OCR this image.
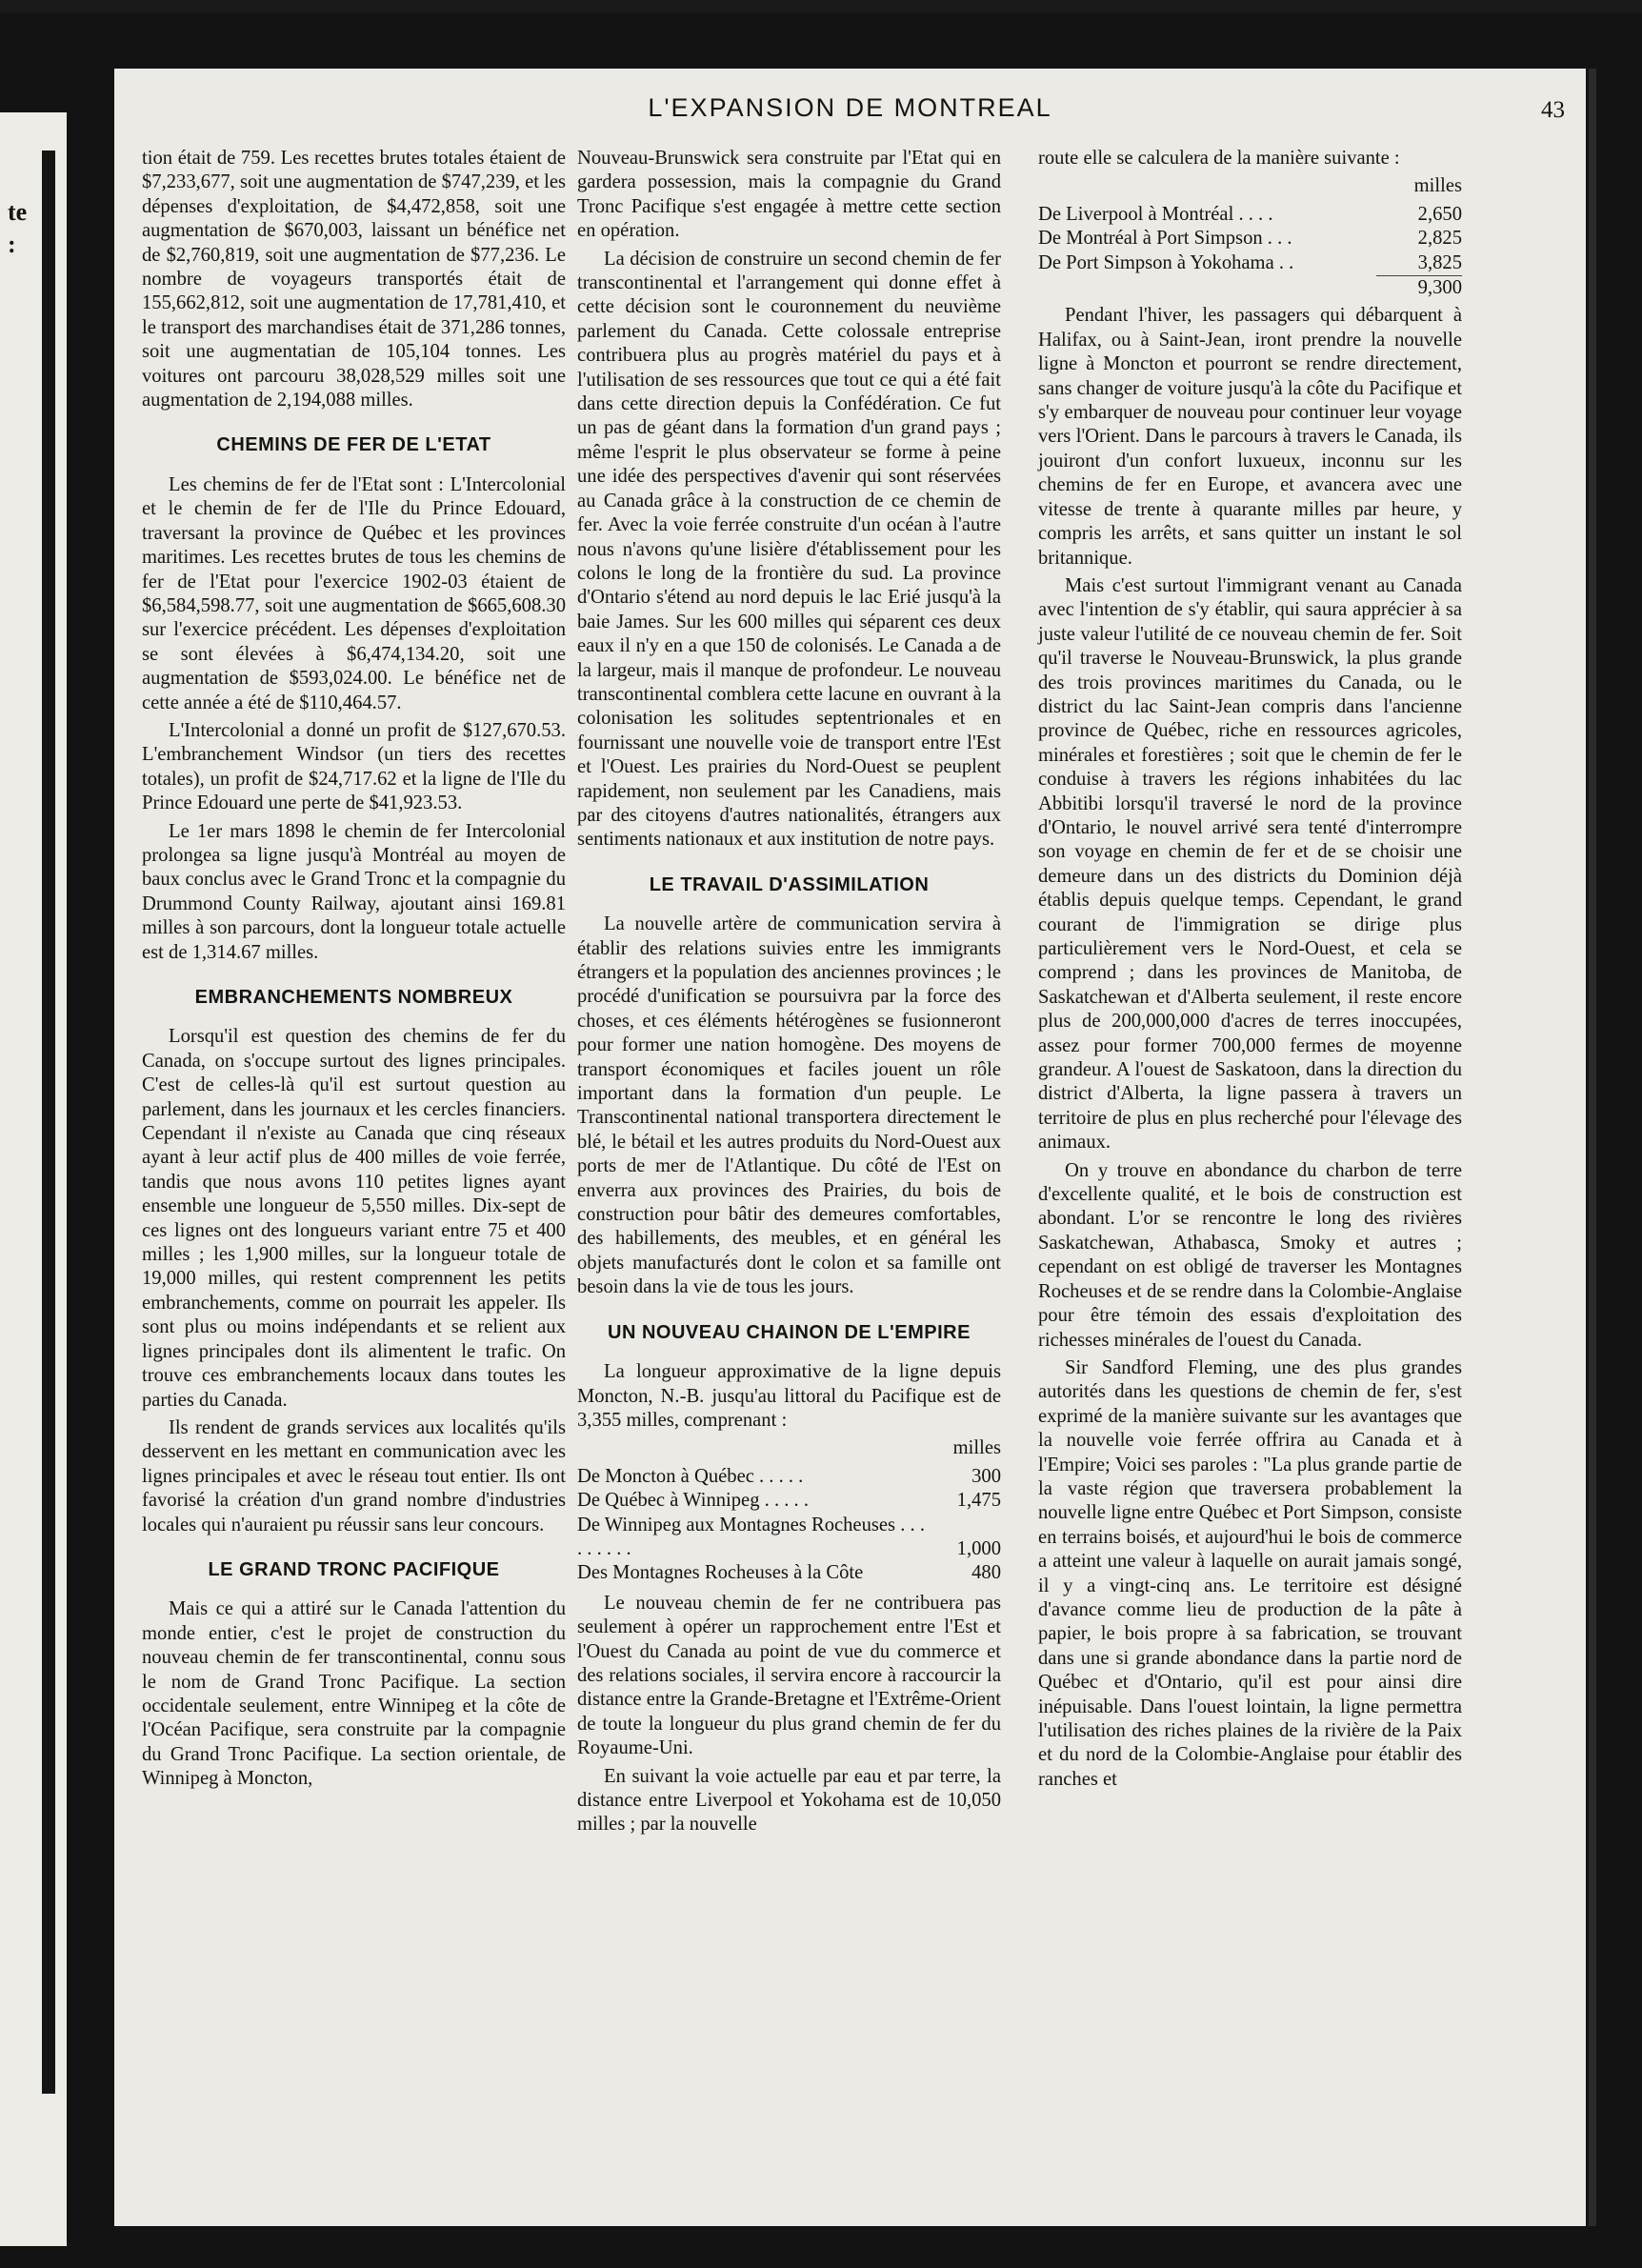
te
:
L'EXPANSION DE MONTREAL	43

tion était de 759. Les recettes brutes totales étaient de $7,233,677, soit une augmentation de $747,239, et les dépenses d'exploitation, de $4,472,858, soit une augmentation de $670,003, laissant un bénéfice net de $2,760,819, soit une augmentation de $77,236. Le nombre de voyageurs transportés était de 155,662,812, soit une augmentation de 17,781,410, et le transport des marchandises était de 371,286 tonnes, soit une augmentatian de 105,104 tonnes. Les voitures ont parcouru 38,028,529 milles soit une augmentation de 2,194,088 milles.

CHEMINS DE FER DE L'ETAT

Les chemins de fer de l'Etat sont : L'Intercolonial et le chemin de fer de l'Ile du Prince Edouard, traversant la province de Québec et les provinces maritimes. Les recettes brutes de tous les chemins de fer de l'Etat pour l'exercice 1902-03 étaient de $6,584,598.77, soit une augmentation de $665,608.30 sur l'exercice précédent. Les dépenses d'exploitation se sont élevées à $6,474,134.20, soit une augmentation de $593,024.00. Le bénéfice net de cette année a été de $110,464.57.

L'Intercolonial a donné un profit de $127,670.53. L'embranchement Windsor (un tiers des recettes totales), un profit de $24,717.62 et la ligne de l'Ile du Prince Edouard une perte de $41,923.53.

Le 1er mars 1898 le chemin de fer Intercolonial prolongea sa ligne jusqu'à Montréal au moyen de baux conclus avec le Grand Tronc et la compagnie du Drummond County Railway, ajoutant ainsi 169.81 milles à son parcours, dont la longueur totale actuelle est de 1,314.67 milles.

EMBRANCHEMENTS NOMBREUX

Lorsqu'il est question des chemins de fer du Canada, on s'occupe surtout des lignes principales. C'est de celles-là qu'il est surtout question au parlement, dans les journaux et les cercles financiers. Cependant il n'existe au Canada que cinq réseaux ayant à leur actif plus de 400 milles de voie ferrée, tandis que nous avons 110 petites lignes ayant ensemble une longueur de 5,550 milles. Dix-sept de ces lignes ont des longueurs variant entre 75 et 400 milles ; les 1,900 milles, sur la longueur totale de 19,000 milles, qui restent comprennent les petits embranchements, comme on pourrait les appeler. Ils sont plus ou moins indépendants et se relient aux lignes principales dont ils alimentent le trafic. On trouve ces embranchements locaux dans toutes les parties du Canada.

Ils rendent de grands services aux localités qu'ils desservent en les mettant en communication avec les lignes principales et avec le réseau tout entier. Ils ont favorisé la création d'un grand nombre d'industries locales qui n'auraient pu réussir sans leur concours.

LE GRAND TRONC PACIFIQUE

Mais ce qui a attiré sur le Canada l'attention du monde entier, c'est le projet de construction du nouveau chemin de fer transcontinental, connu sous le nom de Grand Tronc Pacifique. La section occidentale seulement, entre Winnipeg et la côte de l'Océan Pacifique, sera construite par la compagnie du Grand Tronc Pacifique. La section orientale, de Winnipeg à Moncton,

Nouveau-Brunswick sera construite par l'Etat qui en gardera possession, mais la compagnie du Grand Tronc Pacifique s'est engagée à mettre cette section en opération.

La décision de construire un second chemin de fer transcontinental et l'arrangement qui donne effet à cette décision sont le couronnement du neuvième parlement du Canada. Cette colossale entreprise contribuera plus au progrès matériel du pays et à l'utilisation de ses ressources que tout ce qui a été fait dans cette direction depuis la Confédération. Ce fut un pas de géant dans la formation d'un grand pays ; même l'esprit le plus observateur se forme à peine une idée des perspectives d'avenir qui sont réservées au Canada grâce à la construction de ce chemin de fer. Avec la voie ferrée construite d'un océan à l'autre nous n'avons qu'une lisière d'établissement pour les colons le long de la frontière du sud. La province d'Ontario s'étend au nord depuis le lac Erié jusqu'à la baie James. Sur les 600 milles qui séparent ces deux eaux il n'y en a que 150 de colonisés. Le Canada a de la largeur, mais il manque de profondeur. Le nouveau transcontinental comblera cette lacune en ouvrant à la colonisation les solitudes septentrionales et en fournissant une nouvelle voie de transport entre l'Est et l'Ouest. Les prairies du Nord-Ouest se peuplent rapidement, non seulement par les Canadiens, mais par des citoyens d'autres nationalités, étrangers aux sentiments nationaux et aux institution de notre pays.

LE TRAVAIL D'ASSIMILATION

La nouvelle artère de communication servira à établir des relations suivies entre les immigrants étrangers et la population des anciennes provinces ; le procédé d'unification se poursuivra par la force des choses, et ces éléments hétérogènes se fusionneront pour former une nation homogène. Des moyens de transport économiques et faciles jouent un rôle important dans la formation d'un peuple. Le Transcontinental national transportera directement le blé, le bétail et les autres produits du Nord-Ouest aux ports de mer de l'Atlantique. Du côté de l'Est on enverra aux provinces des Prairies, du bois de construction pour bâtir des demeures comfortables, des habillements, des meubles, et en général les objets manufacturés dont le colon et sa famille ont besoin dans la vie de tous les jours.

UN NOUVEAU CHAINON DE L'EMPIRE

La longueur approximative de la ligne depuis Moncton, N.-B. jusqu'au littoral du Pacifique est de 3,355 milles, comprenant :

milles

De Moncton à Québec . . . . .	300
De Québec à Winnipeg . . . . .	1,475
De Winnipeg aux Montagnes Rocheuses . . . . . . . . .	1,000
Des Montagnes Rocheuses à la Côte	480

Le nouveau chemin de fer ne contribuera pas seulement à opérer un rapprochement entre l'Est et l'Ouest du Canada au point de vue du commerce et des relations sociales, il servira encore à raccourcir la distance entre la Grande-Bretagne et l'Extrême-Orient de toute la longueur du plus grand chemin de fer du Royaume-Uni.

En suivant la voie actuelle par eau et par terre, la distance entre Liverpool et Yokohama est de 10,050 milles ; par la nouvelle

route elle se calculera de la manière suivante :

milles

De Liverpool à Montréal . . . .	2,650
De Montréal à Port Simpson . . .	2,825
De Port Simpson à Yokohama . .	3,825

9,300

Pendant l'hiver, les passagers qui débarquent à Halifax, ou à Saint-Jean, iront prendre la nouvelle ligne à Moncton et pourront se rendre directement, sans changer de voiture jusqu'à la côte du Pacifique et s'y embarquer de nouveau pour continuer leur voyage vers l'Orient. Dans le parcours à travers le Canada, ils jouiront d'un confort luxueux, inconnu sur les chemins de fer en Europe, et avancera avec une vitesse de trente à quarante milles par heure, y compris les arrêts, et sans quitter un instant le sol britannique.

Mais c'est surtout l'immigrant venant au Canada avec l'intention de s'y établir, qui saura apprécier à sa juste valeur l'utilité de ce nouveau chemin de fer. Soit qu'il traverse le Nouveau-Brunswick, la plus grande des trois provinces maritimes du Canada, ou le district du lac Saint-Jean compris dans l'ancienne province de Québec, riche en ressources agricoles, minérales et forestières ; soit que le chemin de fer le conduise à travers les régions inhabitées du lac Abbitibi lorsqu'il traversé le nord de la province d'Ontario, le nouvel arrivé sera tenté d'interrompre son voyage en chemin de fer et de se choisir une demeure dans un des districts du Dominion déjà établis depuis quelque temps. Cependant, le grand courant de l'immigration se dirige plus particulièrement vers le Nord-Ouest, et cela se comprend ; dans les provinces de Manitoba, de Saskatchewan et d'Alberta seulement, il reste encore plus de 200,000,000 d'acres de terres inoccupées, assez pour former 700,000 fermes de moyenne grandeur. A l'ouest de Saskatoon, dans la direction du district d'Alberta, la ligne passera à travers un territoire de plus en plus recherché pour l'élevage des animaux.

On y trouve en abondance du charbon de terre d'excellente qualité, et le bois de construction est abondant. L'or se rencontre le long des rivières Saskatchewan, Athabasca, Smoky et autres ; cependant on est obligé de traverser les Montagnes Rocheuses et de se rendre dans la Colombie-Anglaise pour être témoin des essais d'exploitation des richesses minérales de l'ouest du Canada.

Sir Sandford Fleming, une des plus grandes autorités dans les questions de chemin de fer, s'est exprimé de la manière suivante sur les avantages que la nouvelle voie ferrée offrira au Canada et à l'Empire; Voici ses paroles : "La plus grande partie de la vaste région que traversera probablement la nouvelle ligne entre Québec et Port Simpson, consiste en terrains boisés, et aujourd'hui le bois de commerce a atteint une valeur à laquelle on aurait jamais songé, il y a vingt-cinq ans. Le territoire est désigné d'avance comme lieu de production de la pâte à papier, le bois propre à sa fabrication, se trouvant dans une si grande abondance dans la partie nord de Québec et d'Ontario, qu'il est pour ainsi dire inépuisable. Dans l'ouest lointain, la ligne permettra l'utilisation des riches plaines de la rivière de la Paix et du nord de la Colombie-Anglaise pour établir des ranches et
